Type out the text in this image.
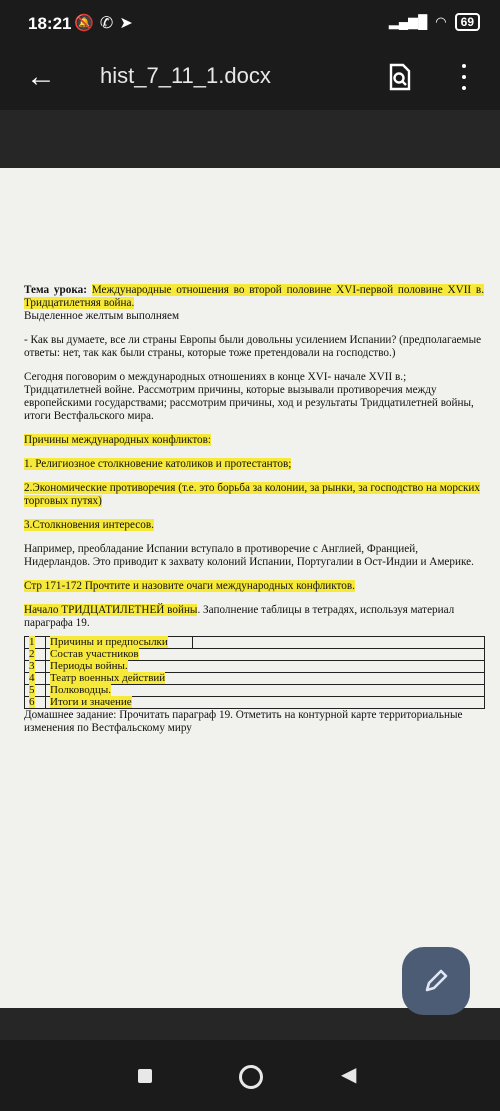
18:21 🔕 ✆ ➤	▂▄▆█ ◠	69
← hist_7_11_1.docx

Тема урока: Международные отношения во второй половине XVI-первой половине XVII в. Тридцатилетняя война.

Выделенное желтым выполняем

- Как вы думаете, все ли страны Европы были довольны усилением Испании? (предполагаемые ответы: нет, так как были страны, которые тоже претендовали на господство.)

Сегодня поговорим о международных отношениях в конце XVI- начале XVII в.; Тридцатилетней войне. Рассмотрим причины, которые вызывали противоречия между европейскими государствами; рассмотрим причины, ход и результаты Тридцатилетней войны, итоги Вестфальского мира.

Причины международных конфликтов:

1. Религиозное столкновение католиков и протестантов;

2.Экономические противоречия (т.е. это борьба за колонии, за рынки, за господство на морских торговых путях)

3.Столкновения интересов.

Например, преобладание Испании вступало в противоречие с Англией, Францией, Нидерландов. Это приводит к захвату колоний Испании, Португалии в Ост-Индии и Америке.

Стр 171-172 Прочтите и назовите очаги международных конфликтов.

Начало ТРИДЦАТИЛЕТНЕЙ войны. Заполнение таблицы в тетрадях, используя материал параграфа 19.

1	Причины и предпосылки	
2	Состав участников	
3	Периоды войны.	
4	Театр военных действий	
5	Полководцы.	
6	Итоги и значение	

Домашнее задание: Прочитать параграф 19. Отметить на контурной карте территориальные изменения по Вестфальскому миру

◀
